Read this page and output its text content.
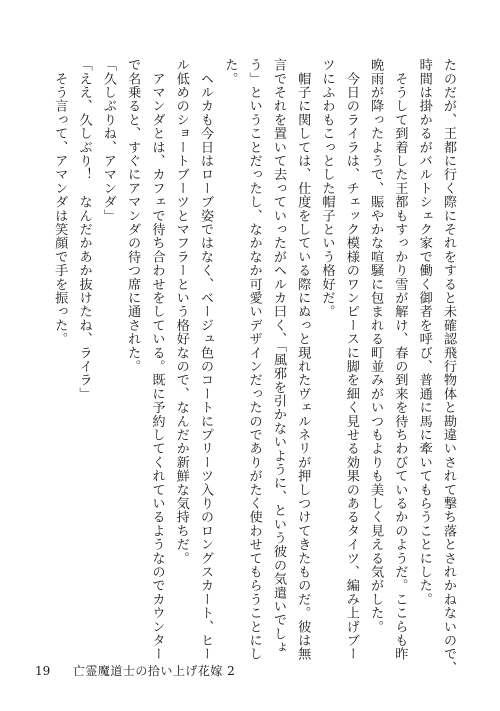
たのだが、王都に行く際にそれをすると未確認飛行物体と勘違いされて撃ち落とされかねないので、
時間は掛かるがバルトシェク家で働く御者を呼び、普通に馬に牽いてもらうことにした。
　そうして到着した王都もすっかり雪が解け、春の到来を待ちわびているかのようだ。ここらも昨
晩雨が降ったようで、賑やかな喧騒に包まれる町並みがいつもよりも美しく見える気がした。
　今日のライラは、チェック模様のワンピースに脚を細く見せる効果のあるタイツ、編み上げブー
ツにふわもこっとした帽子という格好だ。
　帽子に関しては、仕度をしている際にぬっと現れたヴェルネリが押しつけてきたものだ。彼は無
言でそれを置いて去っていったがヘルカ曰く、「風邪を引かないように、という彼の気遣いでしょ
う」ということだったし、なかなか可愛いデザインだったのでありがたく使わせてもらうことにし
た。
　ヘルカも今日はローブ姿ではなく、ベージュ色のコートにプリーツ入りのロングスカート、ヒー
ル低めのショートブーツとマフラーという格好なので、なんだか新鮮な気持ちだ。
　アマンダとは、カフェで待ち合わせをしている。既に予約してくれているようなのでカウンター
で名乗ると、すぐにアマンダの待つ席に通された。
「久しぶりね、アマンダ」
「ええ、久しぶり！　なんだかあか抜けたね、ライラ」
　そう言って、アマンダは笑顔で手を振った。
19 亡霊魔道士の拾い上げ花嫁 2
